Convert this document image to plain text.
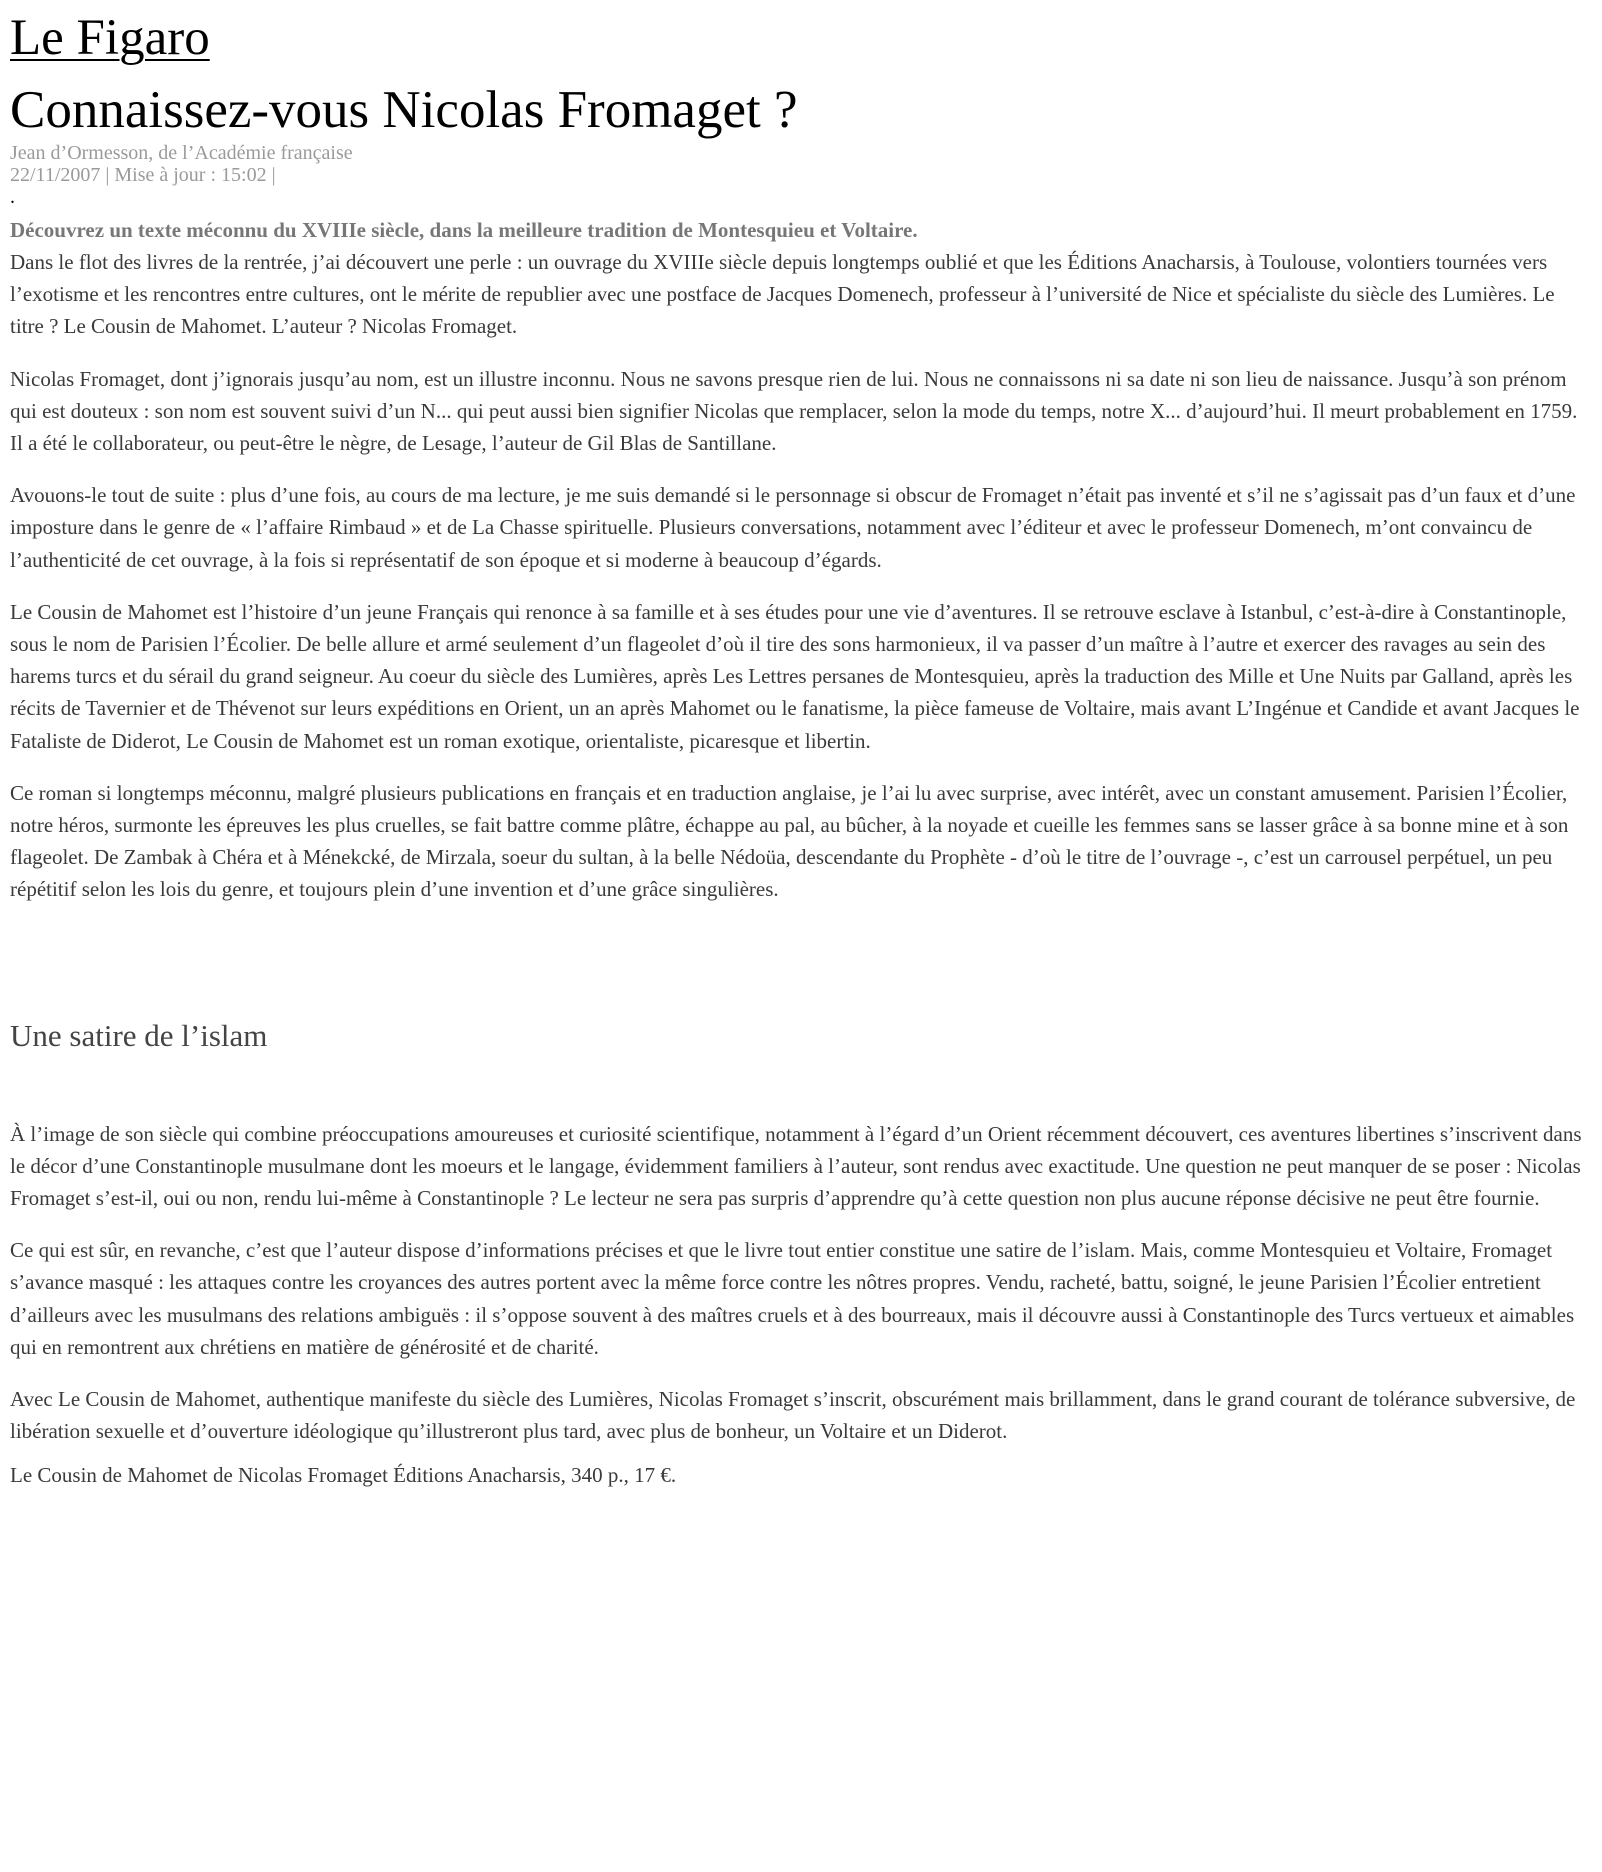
Le Figaro
Connaissez-vous Nicolas Fromaget ?
Jean d’Ormesson, de l’Académie française
22/11/2007 | Mise à jour : 15:02 |
.
Découvrez un texte méconnu du XVIIIe siècle, dans la meilleure tradition de Montesquieu et Voltaire.

Dans le flot des livres de la rentrée, j’ai découvert une perle : un ouvrage du XVIIIe siècle depuis longtemps oublié et que les Éditions Anacharsis, à Toulouse, volontiers tournées vers l’exotisme et les rencontres entre cultures, ont le mérite de republier avec une postface de Jacques Domenech, professeur à l’université de Nice et spécialiste du siècle des Lumières. Le titre ? Le Cousin de Mahomet. L’auteur ? Nicolas Fromaget.

Nicolas Fromaget, dont j’ignorais jusqu’au nom, est un illustre inconnu. Nous ne savons presque rien de lui. Nous ne connaissons ni sa date ni son lieu de naissance. Jusqu’à son prénom qui est douteux : son nom est souvent suivi d’un N... qui peut aussi bien signifier Nicolas que remplacer, selon la mode du temps, notre X... d’aujourd’hui. Il meurt probablement en 1759. Il a été le collaborateur, ou peut-être le nègre, de Lesage, l’auteur de Gil Blas de Santillane.

Avouons-le tout de suite : plus d’une fois, au cours de ma lecture, je me suis demandé si le personnage si obscur de Fromaget n’était pas inventé et s’il ne s’agissait pas d’un faux et d’une imposture dans le genre de « l’affaire Rimbaud » et de La Chasse spirituelle. Plusieurs conversations, notamment avec l’éditeur et avec le professeur Domenech, m’ont convaincu de l’authenticité de cet ouvrage, à la fois si représentatif de son époque et si moderne à beaucoup d’égards.

Le Cousin de Mahomet est l’histoire d’un jeune Français qui renonce à sa famille et à ses études pour une vie d’aventures. Il se retrouve esclave à Istanbul, c’est-à-dire à Constantinople, sous le nom de Parisien l’Écolier. De belle allure et armé seulement d’un flageolet d’où il tire des sons harmonieux, il va passer d’un maître à l’autre et exercer des ravages au sein des harems turcs et du sérail du grand seigneur. Au coeur du siècle des Lumières, après Les Lettres persanes de Montesquieu, après la traduction des Mille et Une Nuits par Galland, après les récits de Tavernier et de Thévenot sur leurs expéditions en Orient, un an après Mahomet ou le fanatisme, la pièce fameuse de Voltaire, mais avant L’Ingénue et Candide et avant Jacques le Fataliste de Diderot, Le Cousin de Mahomet est un roman exotique, orientaliste, picaresque et libertin.

Ce roman si longtemps méconnu, malgré plusieurs publications en français et en traduction anglaise, je l’ai lu avec surprise, avec intérêt, avec un constant amusement. Parisien l’Écolier, notre héros, surmonte les épreuves les plus cruelles, se fait battre comme plâtre, échappe au pal, au bûcher, à la noyade et cueille les femmes sans se lasser grâce à sa bonne mine et à son flageolet. De Zambak à Chéra et à Ménekcké, de Mirzala, soeur du sultan, à la belle Nédoüa, descendante du Prophète - d’où le titre de l’ouvrage -, c’est un carrousel perpétuel, un peu répétitif selon les lois du genre, et toujours plein d’une invention et d’une grâce singulières.

Une satire de l’islam

À l’image de son siècle qui combine préoccupations amoureuses et curiosité scientifique, notamment à l’égard d’un Orient récemment découvert, ces aventures libertines s’inscrivent dans le décor d’une Constantinople musulmane dont les moeurs et le langage, évidemment familiers à l’auteur, sont rendus avec exactitude. Une question ne peut manquer de se poser : Nicolas Fromaget s’est-il, oui ou non, rendu lui-même à Constantinople ? Le lecteur ne sera pas surpris d’apprendre qu’à cette question non plus aucune réponse décisive ne peut être fournie.

Ce qui est sûr, en revanche, c’est que l’auteur dispose d’informations précises et que le livre tout entier constitue une satire de l’islam. Mais, comme Montesquieu et Voltaire, Fromaget s’avance masqué : les attaques contre les croyances des autres portent avec la même force contre les nôtres propres. Vendu, racheté, battu, soigné, le jeune Parisien l’Écolier entretient d’ailleurs avec les musulmans des relations ambiguës : il s’oppose souvent à des maîtres cruels et à des bourreaux, mais il découvre aussi à Constantinople des Turcs vertueux et aimables qui en remontrent aux chrétiens en matière de générosité et de charité.

Avec Le Cousin de Mahomet, authentique manifeste du siècle des Lumières, Nicolas Fromaget s’inscrit, obscurément mais brillamment, dans le grand courant de tolérance subversive, de libération sexuelle et d’ouverture idéologique qu’illustreront plus tard, avec plus de bonheur, un Voltaire et un Diderot.

Le Cousin de Mahomet de Nicolas Fromaget Éditions Anacharsis, 340 p., 17 €.
